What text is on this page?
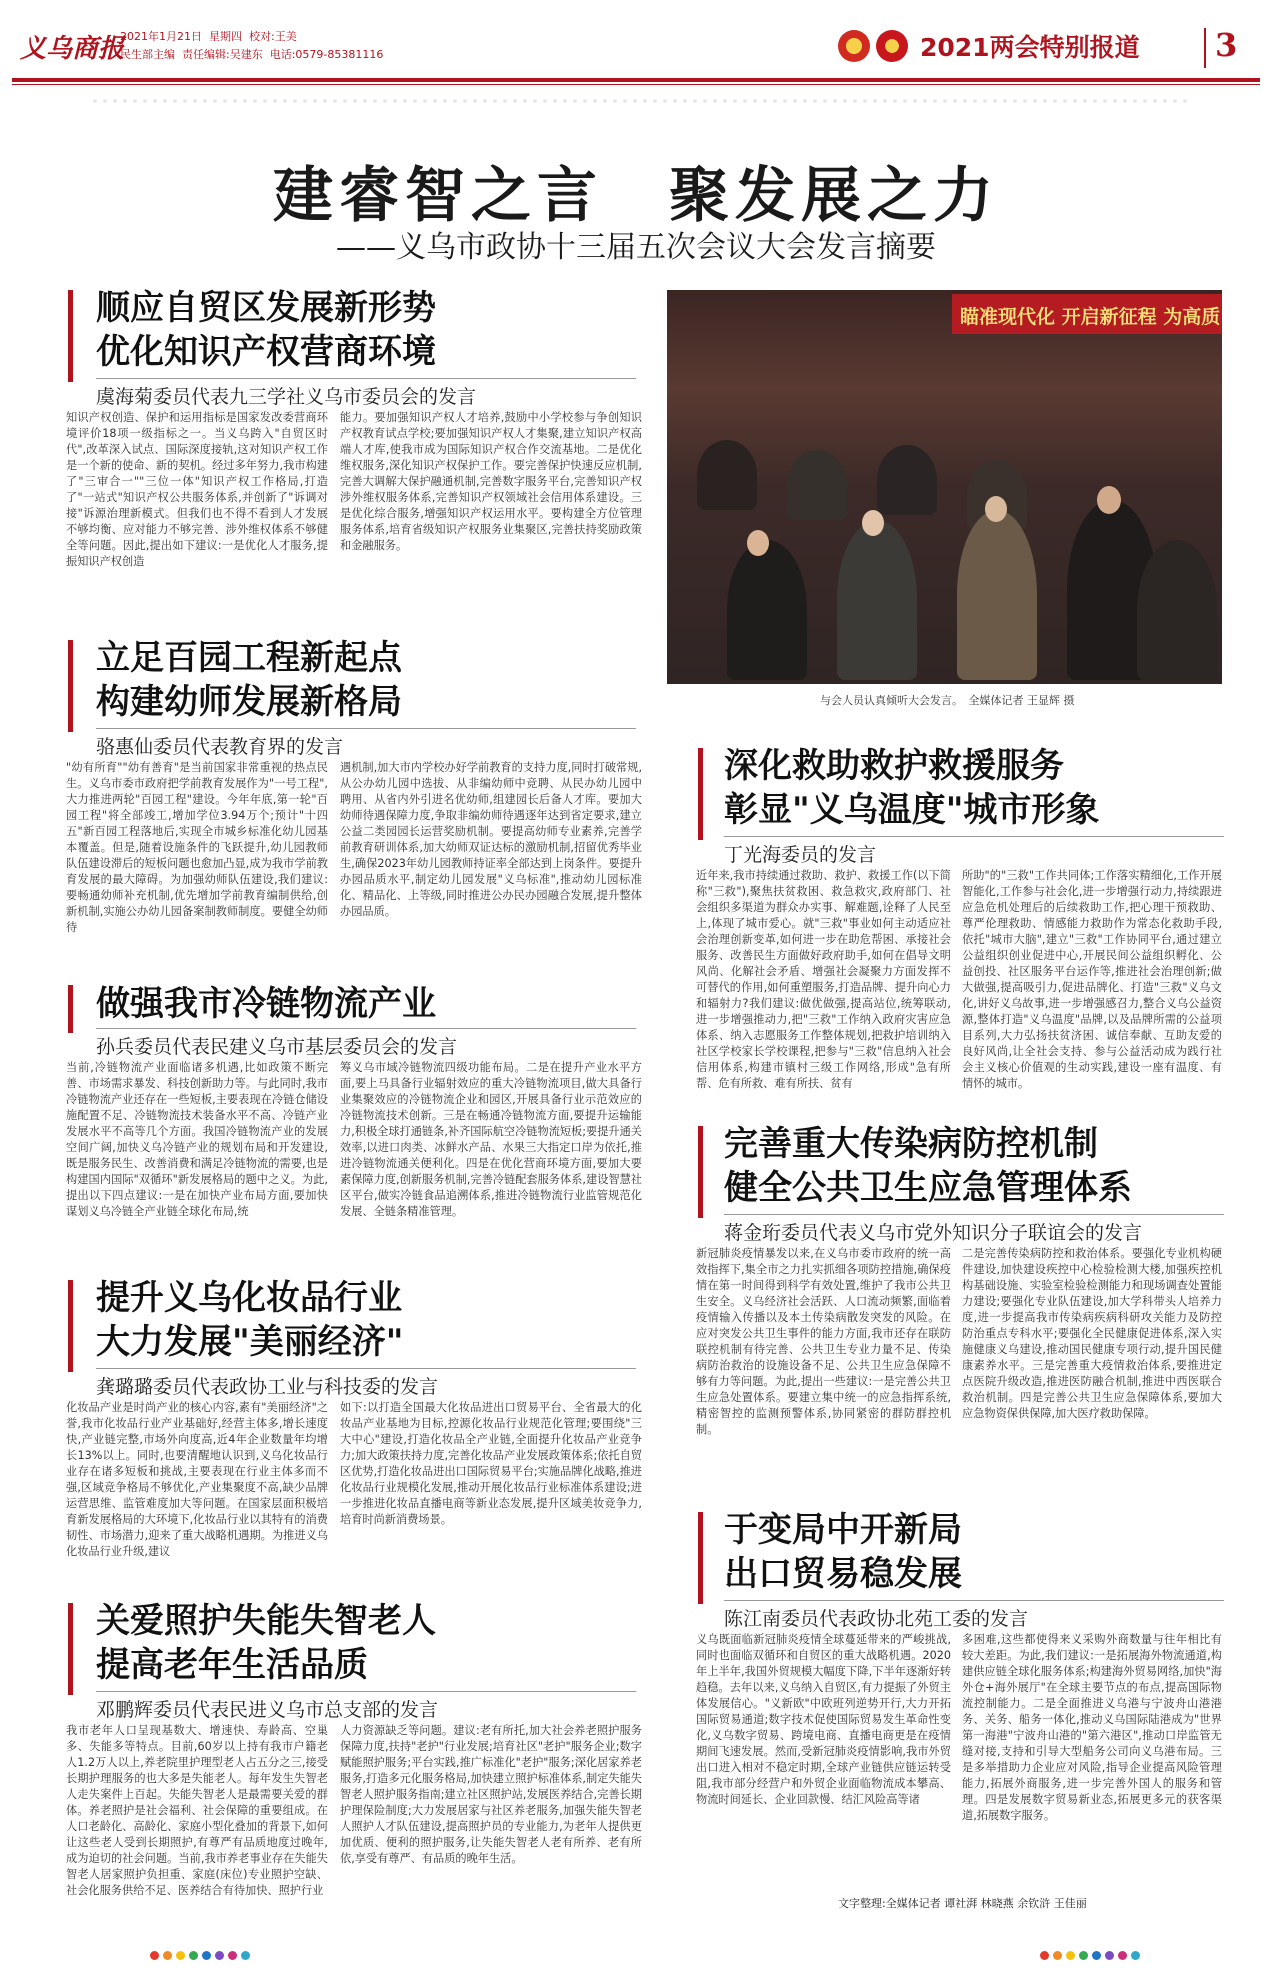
义乌商报
2021年1月21日 星期四 校对:王美
民生部主编 责任编辑:吴建东 电话:0579-85381116	2021两会特别报道 3
建睿智之言　聚发展之力
——义乌市政协十三届五次会议大会发言摘要
顺应自贸区发展新形势
优化知识产权营商环境
虞海菊委员代表九三学社义乌市委员会的发言
知识产权创造、保护和运用指标是国家发改委营商环境评价18项一级指标之一。当义乌跨入"自贸区时代",改革深入试点、国际深度接轨,这对知识产权工作是一个新的使命、新的契机。经过多年努力,我市构建了"三审合一""三位一体"知识产权工作格局,打造了"一站式"知识产权公共服务体系,并创新了"诉调对接"诉源治理新模式。但我们也不得不看到人才发展不够均衡、应对能力不够完善、涉外维权体系不够健全等问题。因此,提出如下建议:一是优化人才服务,提振知识产权创造
能力。要加强知识产权人才培养,鼓励中小学校参与争创知识产权教育试点学校;要加强知识产权人才集聚,建立知识产权高端人才库,使我市成为国际知识产权合作交流基地。二是优化维权服务,深化知识产权保护工作。要完善保护快速反应机制,完善大调解大保护融通机制,完善数字服务平台,完善知识产权涉外维权服务体系,完善知识产权领域社会信用体系建设。三是优化综合服务,增强知识产权运用水平。要构建全方位管理服务体系,培育省级知识产权服务业集聚区,完善扶持奖励政策和金融服务。
瞄准现代化 开启新征程 为高质
与会人员认真倾听大会发言。　全媒体记者 王显辉 摄
立足百园工程新起点
构建幼师发展新格局
骆惠仙委员代表教育界的发言
"幼有所育""幼有善育"是当前国家非常重视的热点民生。义乌市委市政府把学前教育发展作为"一号工程",大力推进两轮"百园工程"建设。今年年底,第一轮"百园工程"将全部竣工,增加学位3.94万个;预计"十四五"新百园工程落地后,实现全市城乡标准化幼儿园基本覆盖。但是,随着设施条件的飞跃提升,幼儿园教师队伍建设滞后的短板问题也愈加凸显,成为我市学前教育发展的最大障碍。为加强幼师队伍建设,我们建议:要畅通幼师补充机制,优先增加学前教育编制供给,创新机制,实施公办幼儿园备案制教师制度。要健全幼师待
遇机制,加大市内学校办好学前教育的支持力度,同时打破常规,从公办幼儿园中选拔、从非编幼师中竞聘、从民办幼儿园中聘用、从省内外引进名优幼师,组建园长后备人才库。要加大幼师待遇保障力度,争取非编幼师待遇逐年达到省定要求,建立公益二类园园长运营奖励机制。要提高幼师专业素养,完善学前教育研训体系,加大幼师双证达标的激励机制,招留优秀毕业生,确保2023年幼儿园教师持证率全部达到上岗条件。要提升办园品质水平,制定幼儿园发展"义乌标准",推动幼儿园标准化、精品化、上等级,同时推进公办民办园融合发展,提升整体办园品质。
做强我市冷链物流产业
孙兵委员代表民建义乌市基层委员会的发言
当前,冷链物流产业面临诸多机遇,比如政策不断完善、市场需求暴发、科技创新助力等。与此同时,我市冷链物流产业还存在一些短板,主要表现在冷链仓储设施配置不足、冷链物流技术装备水平不高、冷链产业发展水平不高等几个方面。我国冷链物流产业的发展空间广阔,加快义乌冷链产业的规划布局和开发建设,既是服务民生、改善消费和满足冷链物流的需要,也是构建国内国际"双循环"新发展格局的题中之义。为此,提出以下四点建议:一是在加快产业布局方面,要加快谋划义乌冷链全产业链全球化布局,统
筹义乌市域冷链物流四级功能布局。二是在提升产业水平方面,要上马具备行业辐射效应的重大冷链物流项目,做大具备行业集聚效应的冷链物流企业和园区,开展具备行业示范效应的冷链物流技术创新。三是在畅通冷链物流方面,要提升运输能力,积极全球打通链条,补齐国际航空冷链物流短板;要提升通关效率,以进口肉类、冰鲜水产品、水果三大指定口岸为依托,推进冷链物流通关便利化。四是在优化营商环境方面,要加大要素保障力度,创新服务机制,完善冷链配套服务体系,建设智慧社区平台,做实冷链食品追溯体系,推进冷链物流行业监管规范化发展、全链条精准管理。
提升义乌化妆品行业
大力发展"美丽经济"
龚璐璐委员代表政协工业与科技委的发言
化妆品产业是时尚产业的核心内容,素有"美丽经济"之誉,我市化妆品行业产业基础好,经营主体多,增长速度快,产业链完整,市场外向度高,近4年企业数量年均增长13%以上。同时,也要清醒地认识到,义乌化妆品行业存在诸多短板和挑战,主要表现在行业主体多而不强,区域竞争格局不够优化,产业集聚度不高,缺少品牌运营思维、监管难度加大等问题。在国家层面积极培育新发展格局的大环境下,化妆品行业以其特有的消费韧性、市场潜力,迎来了重大战略机遇期。为推进义乌化妆品行业升级,建议
如下:以打造全国最大化妆品进出口贸易平台、全省最大的化妆品产业基地为目标,控源化妆品行业规范化管理;要围绕"三大中心"建设,打造化妆品全产业链,全面提升化妆品产业竞争力;加大政策扶持力度,完善化妆品产业发展政策体系;依托自贸区优势,打造化妆品进出口国际贸易平台;实施品牌化战略,推进化妆品行业规模化发展,推动开展化妆品行业标准体系建设;进一步推进化妆品直播电商等新业态发展,提升区域美妆竞争力,培育时尚新消费场景。
关爱照护失能失智老人
提高老年生活品质
邓鹏辉委员代表民进义乌市总支部的发言
我市老年人口呈现基数大、增速快、寿龄高、空巢多、失能多等特点。目前,60岁以上持有我市户籍老人1.2万人以上,养老院里护理型老人占五分之三,接受长期护理服务的也大多是失能老人。每年发生失智老人走失案件上百起。失能失智老人是最需要关爱的群体。养老照护是社会福利、社会保障的重要组成。在人口老龄化、高龄化、家庭小型化叠加的背景下,如何让这些老人受到长期照护,有尊严有品质地度过晚年,成为迫切的社会问题。当前,我市养老事业存在失能失智老人居家照护负担重、家庭(床位)专业照护空缺、社会化服务供给不足、医养结合有待加快、照护行业
人力资源缺乏等问题。建议:老有所托,加大社会养老照护服务保障力度,扶持"老护"行业发展;培育社区"老护"服务企业;数字赋能照护服务;平台实践,推广标准化"老护"服务;深化居家养老服务,打造多元化服务格局,加快建立照护标准体系,制定失能失智老人照护服务指南;建立社区照护站,发展医养结合,完善长期护理保险制度;大力发展居家与社区养老服务,加强失能失智老人照护人才队伍建设,提高照护员的专业能力,为老年人提供更加优质、便利的照护服务,让失能失智老人老有所养、老有所依,享受有尊严、有品质的晚年生活。
深化救助救护救援服务
彰显"义乌温度"城市形象
丁光海委员的发言
近年来,我市持续通过救助、救护、救援工作(以下简称"三救"),聚焦扶贫救困、救急救灾,政府部门、社会组织多渠道为群众办实事、解难题,诠释了人民至上,体现了城市爱心。就"三救"事业如何主动适应社会治理创新变革,如何进一步在助危帮困、承接社会服务、改善民生方面做好政府助手,如何在倡导文明风尚、化解社会矛盾、增强社会凝聚力方面发挥不可替代的作用,如何重塑服务,打造品牌、提升向心力和辐射力?我们建议:做优做强,提高站位,统筹联动,进一步增强推动力,把"三救"工作纳入政府灾害应急体系、纳入志愿服务工作整体规划,把救护培训纳入社区学校家长学校课程,把参与"三救"信息纳入社会信用体系,构建市镇村三级工作网络,形成"急有所帮、危有所救、难有所扶、贫有
所助"的"三救"工作共同体;工作落实精细化,工作开展智能化,工作参与社会化,进一步增强行动力,持续跟进应急危机处理后的后续救助工作,把心理干预救助、尊严伦理救助、情感能力救助作为常态化救助手段,依托"城市大脑",建立"三救"工作协同平台,通过建立公益组织创业促进中心,开展民间公益组织孵化、公益创投、社区服务平台运作等,推进社会治理创新;做大做强,提高吸引力,促进品牌化、打造"三救"义乌文化,讲好义乌故事,进一步增强感召力,整合义乌公益资源,整体打造"义乌温度"品牌,以及品牌所需的公益项目系列,大力弘扬扶贫济困、诚信奉献、互助友爱的良好风尚,让全社会支持、参与公益活动成为践行社会主义核心价值观的生动实践,建设一座有温度、有情怀的城市。
完善重大传染病防控机制
健全公共卫生应急管理体系
蒋金珩委员代表义乌市党外知识分子联谊会的发言
新冠肺炎疫情暴发以来,在义乌市委市政府的统一高效指挥下,集全市之力扎实抓细各项防控措施,确保疫情在第一时间得到科学有效处置,维护了我市公共卫生安全。义乌经济社会活跃、人口流动频繁,面临着疫情输入传播以及本土传染病散发突发的风险。在应对突发公共卫生事件的能力方面,我市还存在联防联控机制有待完善、公共卫生专业力量不足、传染病防治救治的设施设备不足、公共卫生应急保障不够有力等问题。为此,提出一些建议:一是完善公共卫生应急处置体系。要建立集中统一的应急指挥系统,精密智控的监测预警体系,协同紧密的群防群控机制。
二是完善传染病防控和救治体系。要强化专业机构硬件建设,加快建设疾控中心检验检测大楼,加强疾控机构基础设施、实验室检验检测能力和现场调查处置能力建设;要强化专业队伍建设,加大学科带头人培养力度,进一步提高我市传染病疾病科研攻关能力及防控防治重点专科水平;要强化全民健康促进体系,深入实施健康义乌建设,推动国民健康专项行动,提升国民健康素养水平。三是完善重大疫情救治体系,要推进定点医院升级改造,推进医防融合机制,推进中西医联合救治机制。四是完善公共卫生应急保障体系,要加大应急物资保供保障,加大医疗救助保障。
于变局中开新局
出口贸易稳发展
陈江南委员代表政协北苑工委的发言
义乌既面临新冠肺炎疫情全球蔓延带来的严峻挑战,同时也面临双循环和自贸区的重大战略机遇。2020年上半年,我国外贸规模大幅度下降,下半年逐渐好转趋稳。去年以来,义乌纳入自贸区,有力提振了外贸主体发展信心。"义新欧"中欧班列逆势开行,大力开拓国际贸易通道;数字技术促使国际贸易发生革命性变化,义乌数字贸易、跨境电商、直播电商更是在疫情期间飞速发展。然而,受新冠肺炎疫情影响,我市外贸出口进入相对不稳定时期,全球产业链供应链运转受阻,我市部分经营户和外贸企业面临物流成本攀高、物流时间延长、企业回款慢、结汇风险高等诸
多困难,这些都使得来义采购外商数量与往年相比有较大差距。为此,我们建议:一是拓展海外物流通道,构建供应链全球化服务体系;构建海外贸易网络,加快"海外仓+海外展厅"在全球主要节点的布点,提高国际物流控制能力。二是全面推进义乌港与宁波舟山港港务、关务、船务一体化,推动义乌国际陆港成为"世界第一海港"宁波舟山港的"第六港区",推动口岸监管无缝对接,支持和引导大型船务公司向义乌港布局。三是多举措助力企业应对风险,指导企业提高风险管理能力,拓展外商服务,进一步完善外国人的服务和管理。四是发展数字贸易新业态,拓展更多元的获客渠道,拓展数字服务。
文字整理:全媒体记者 谭社湃 林晓燕 余钦浒 王佳丽
